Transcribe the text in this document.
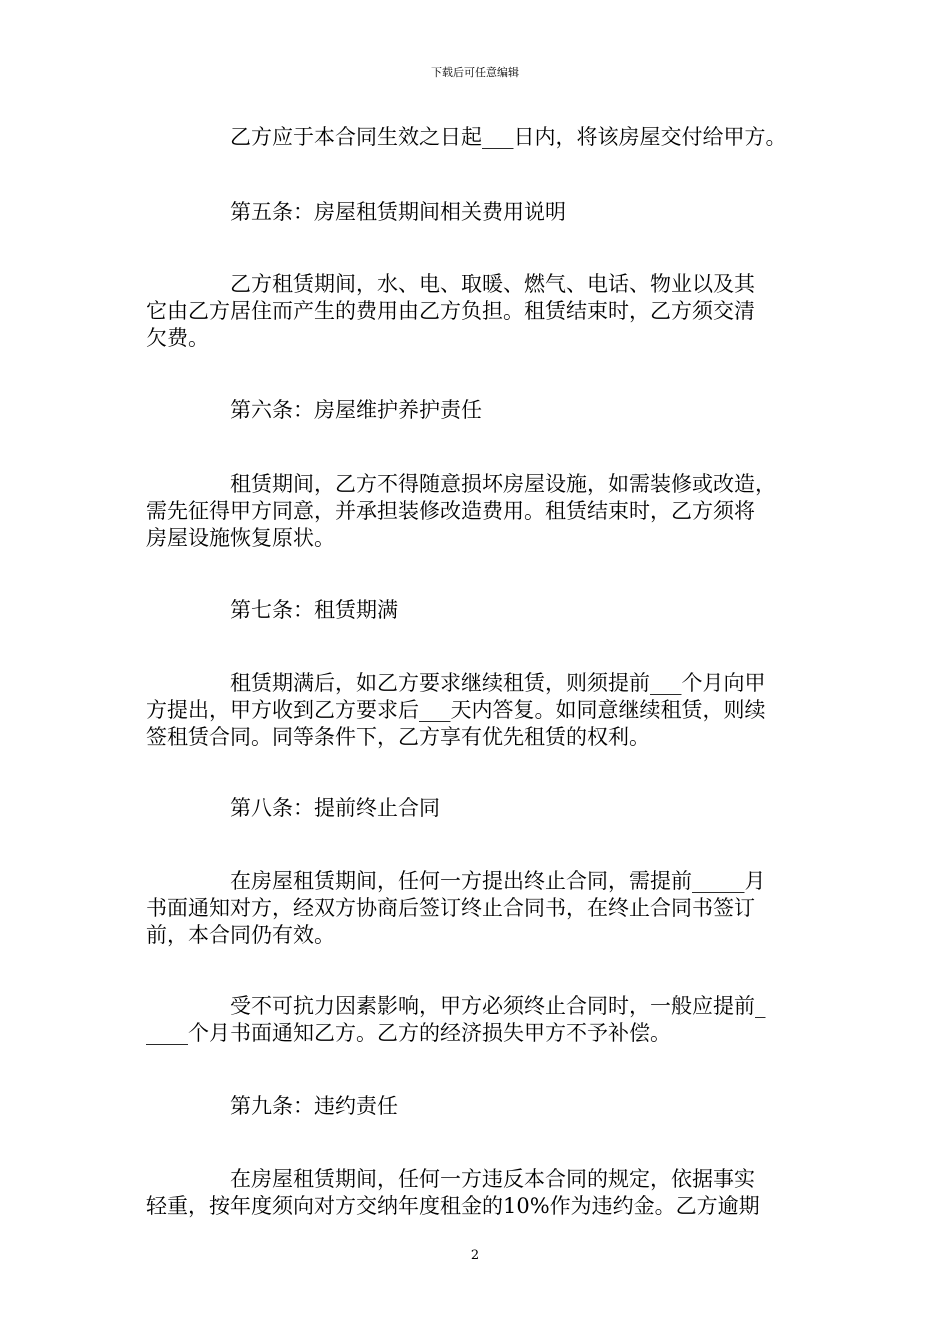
下载后可任意编辑
乙方应于本合同生效之日起___日内，将该房屋交付给甲方。
第五条：房屋租赁期间相关费用说明
乙方租赁期间，水、电、取暖、燃气、电话、物业以及其
它由乙方居住而产生的费用由乙方负担。租赁结束时，乙方须交清
欠费。
第六条：房屋维护养护责任
租赁期间，乙方不得随意损坏房屋设施，如需装修或改造，
需先征得甲方同意，并承担装修改造费用。租赁结束时，乙方须将
房屋设施恢复原状。
第七条：租赁期满
租赁期满后，如乙方要求继续租赁，则须提前___个月向甲
方提出，甲方收到乙方要求后___天内答复。如同意继续租赁，则续
签租赁合同。同等条件下，乙方享有优先租赁的权利。
第八条：提前终止合同
在房屋租赁期间，任何一方提出终止合同，需提前_____月
书面通知对方，经双方协商后签订终止合同书，在终止合同书签订
前，本合同仍有效。
受不可抗力因素影响，甲方必须终止合同时，一般应提前_
____个月书面通知乙方。乙方的经济损失甲方不予补偿。
第九条：违约责任
在房屋租赁期间，任何一方违反本合同的规定，依据事实
轻重，按年度须向对方交纳年度租金的10%作为违约金。乙方逾期
2
